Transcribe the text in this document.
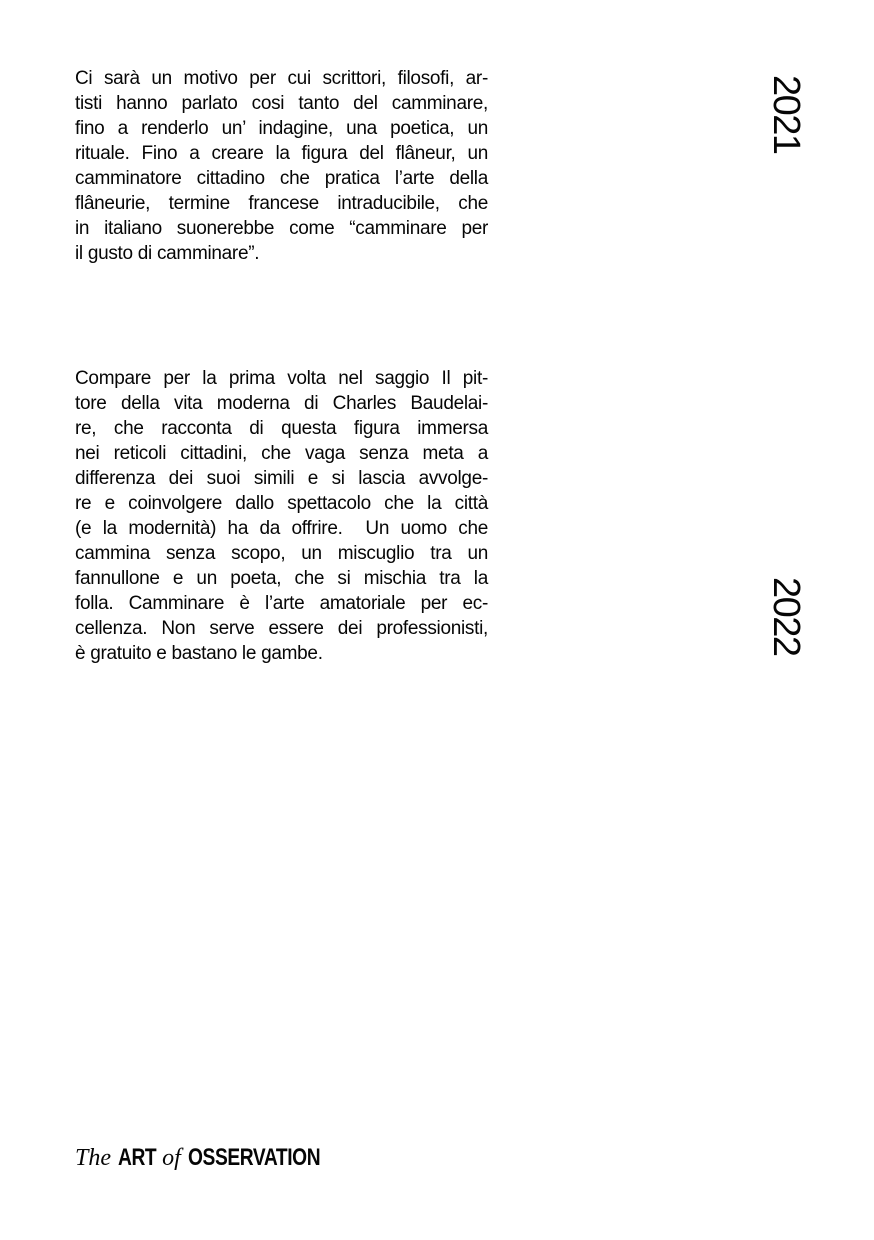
Ci sarà un motivo per cui scrittori, filosofi, ar-
tisti hanno parlato cosi tanto del camminare,
fino a renderlo un’ indagine, una poetica, un
rituale. Fino a creare la figura del flâneur, un
camminatore cittadino che pratica l’arte della
flâneurie, termine francese intraducibile, che
in italiano suonerebbe come “camminare per
il gusto di camminare”.
Compare per la prima volta nel saggio Il pit-
tore della vita moderna di Charles Baudelai-
re, che racconta di questa figura immersa
nei reticoli cittadini, che vaga senza meta a
differenza dei suoi simili e si lascia avvolge-
re e coinvolgere dallo spettacolo che la città
(e la modernità) ha da offrire.  Un uomo che
cammina senza scopo, un miscuglio tra un
fannullone e un poeta, che si mischia tra la
folla. Camminare è l’arte amatoriale per ec-
cellenza. Non serve essere dei professionisti,
è gratuito e bastano le gambe.
2021
2022
The ART of OSSERVATION
